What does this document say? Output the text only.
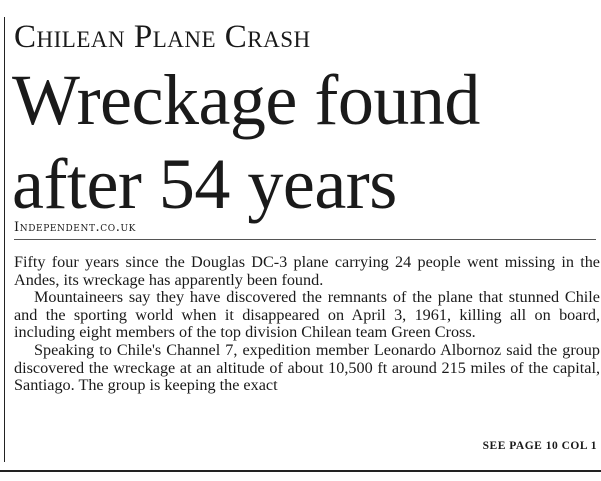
Chilean Plane Crash
Wreckage found
after 54 years
Independent.co.uk

Fifty four years since the Douglas DC-3 plane carrying 24 people went missing in the Andes, its wreckage has apparently been found.

Mountaineers say they have discovered the remnants of the plane that stunned Chile and the sporting world when it disappeared on April 3, 1961, killing all on board, including eight members of the top division Chilean team Green Cross.

Speaking to Chile's Channel 7, expedition member Leonardo Albornoz said the group discovered the wreckage at an altitude of about 10,500 ft around 215 miles of the capital, Santiago. The group is keeping the exact

SEE PAGE 10 COL 1
